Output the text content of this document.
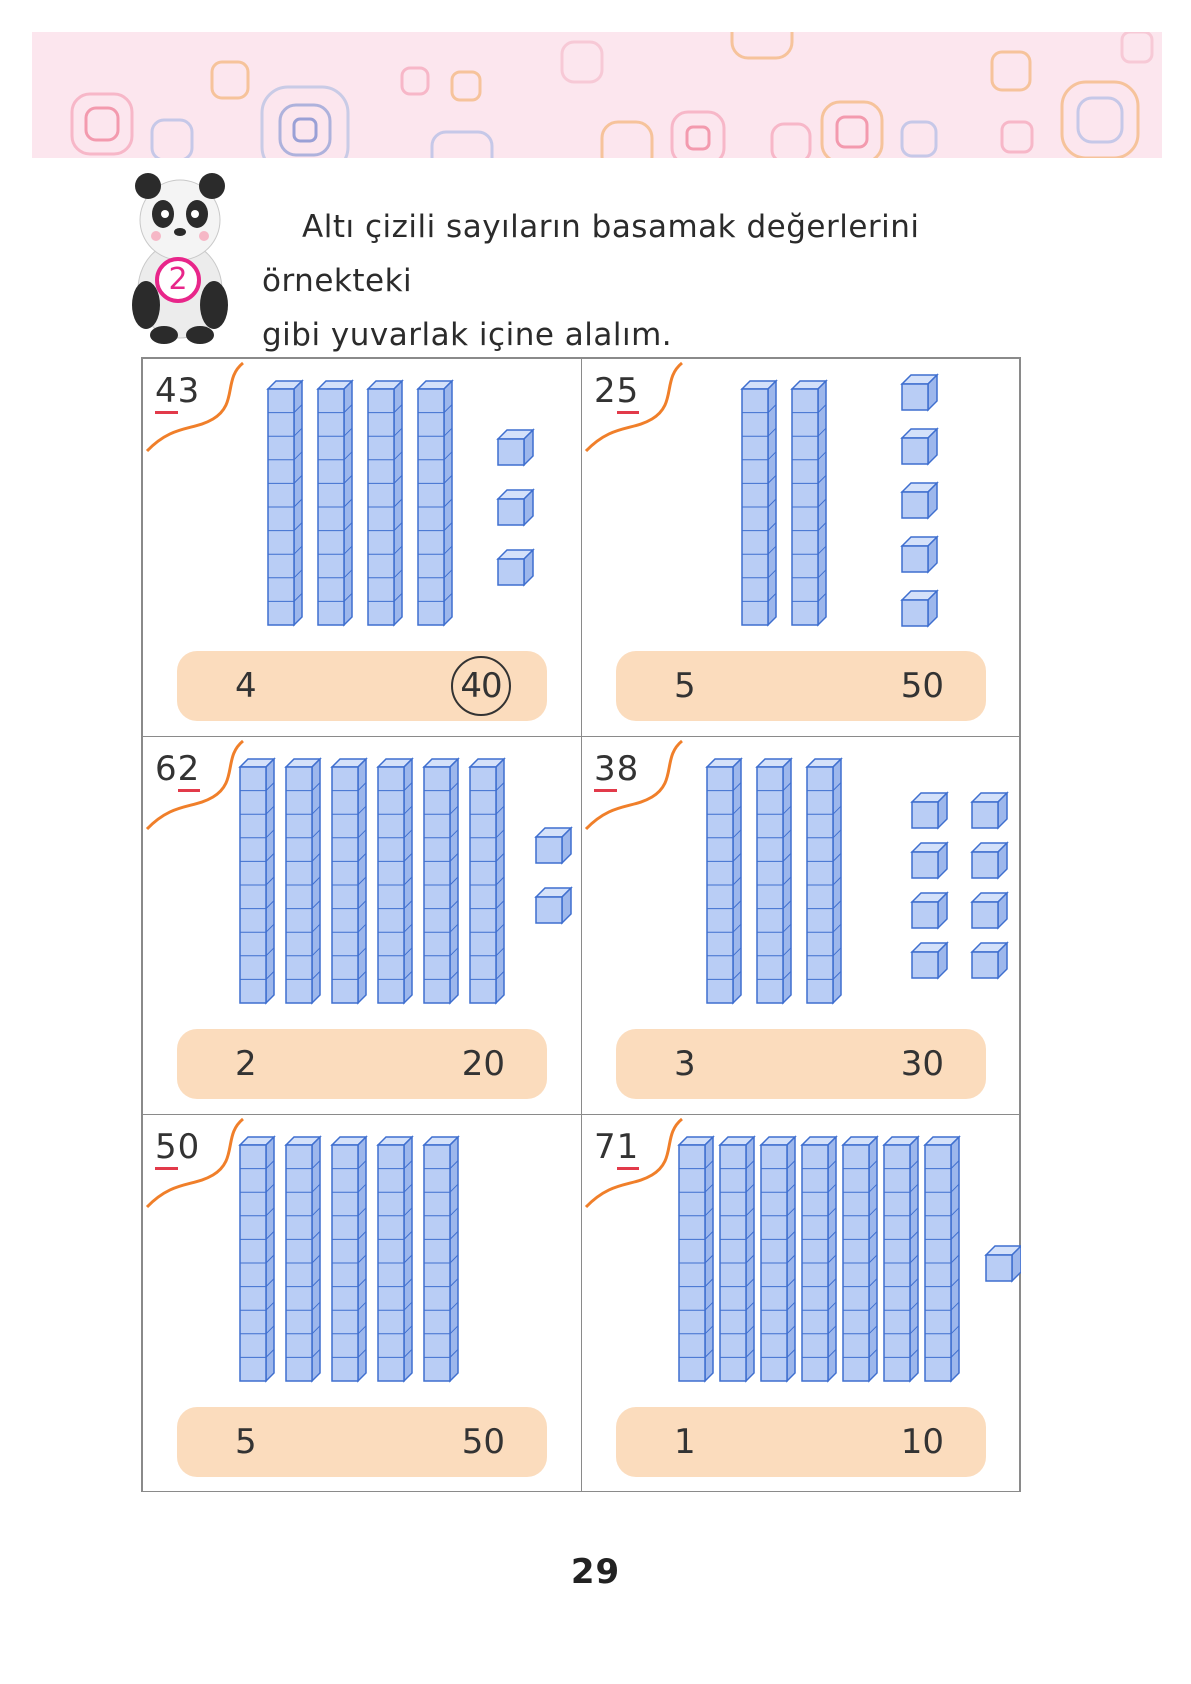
2
Altı çizili sayıların basamak değerlerini örnekteki
gibi yuvarlak içine alalım.
43
4	40
25
5	50
62
2	20
38
3	30
50
5	50
71
1	10
29
